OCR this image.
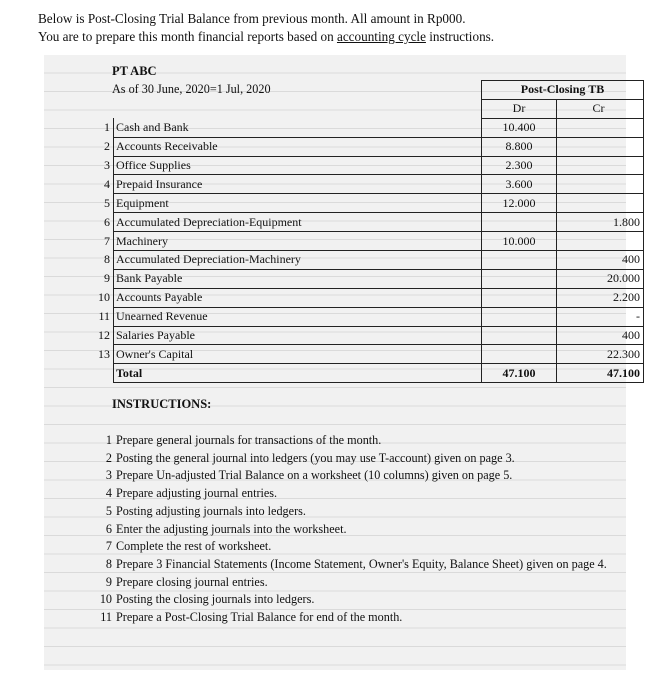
Below is Post-Closing Trial Balance from previous month. All amount in Rp000.
You are to prepare this month financial reports based on accounting cycle instructions.
PT ABC
As of 30 June, 2020=1 Jul, 2020
			Post-Closing TB	
		Dr	Cr
1	Cash and Bank	10.400	
2	Accounts Receivable	8.800	
3	Office Supplies	2.300	
4	Prepaid Insurance	3.600	
5	Equipment	12.000	
6	Accumulated Depreciation-Equipment		1.800
7	Machinery	10.000	
8	Accumulated Depreciation-Machinery		400
9	Bank Payable		20.000
10	Accounts Payable		2.200
11	Unearned Revenue		-
12	Salaries Payable		400
13	Owner's Capital		22.300
	Total	47.100	47.100
INSTRUCTIONS:
1 Prepare general journals for transactions of the month.
2 Posting the general journal into ledgers (you may use T-account) given on page 3.
3 Prepare Un-adjusted Trial Balance on a worksheet (10 columns) given on page 5.
4 Prepare adjusting journal entries.
5 Posting adjusting journals into ledgers.
6 Enter the adjusting journals into the worksheet.
7 Complete the rest of worksheet.
8 Prepare 3 Financial Statements (Income Statement, Owner's Equity, Balance Sheet) given on page 4.
9 Prepare closing journal entries.
10 Posting the closing journals into ledgers.
11 Prepare a Post-Closing Trial Balance for end of the month.
